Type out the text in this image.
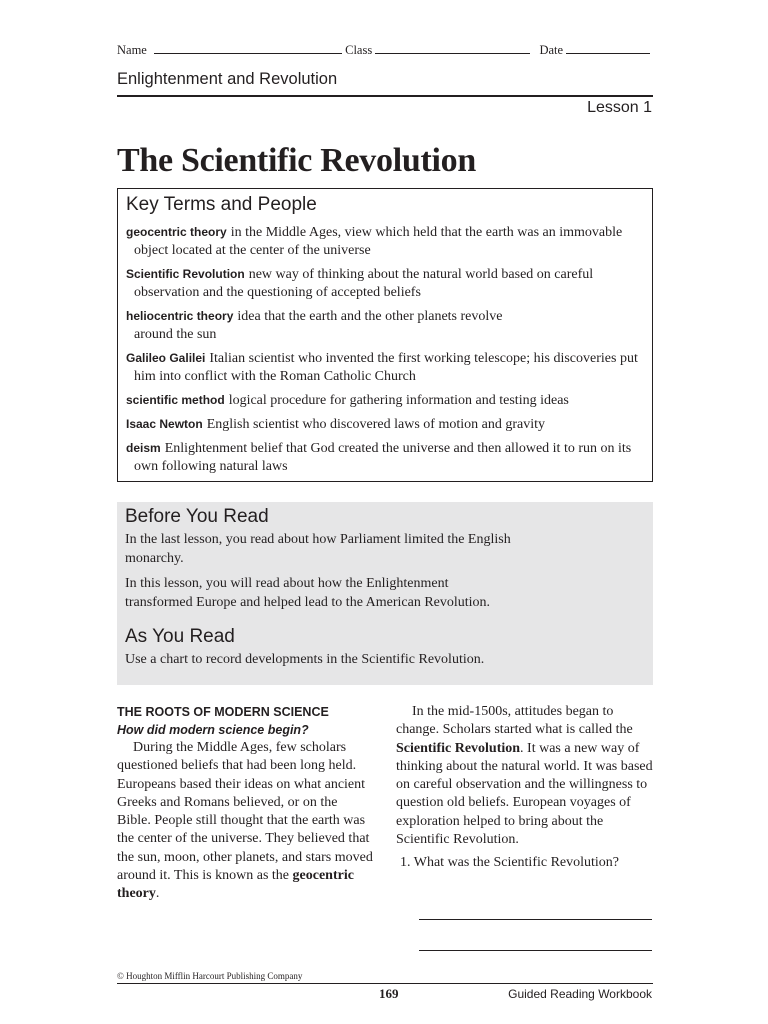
Name	Class	Date
Enlightenment and Revolution
Lesson 1
The Scientific Revolution
Key Terms and People
geocentric theory in the Middle Ages, view which held that the earth was an immovable object located at the center of the universe
Scientific Revolution new way of thinking about the natural world based on careful observation and the questioning of accepted beliefs
heliocentric theory idea that the earth and the other planets revolve around the sun
Galileo Galilei Italian scientist who invented the first working telescope; his discoveries put him into conflict with the Roman Catholic Church
scientific method logical procedure for gathering information and testing ideas
Isaac Newton English scientist who discovered laws of motion and gravity
deism Enlightenment belief that God created the universe and then allowed it to run on its own following natural laws
Before You Read

In the last lesson, you read about how Parliament limited the English monarchy.

In this lesson, you will read about how the Enlightenment transformed Europe and helped lead to the American Revolution.

As You Read

Use a chart to record developments in the Scientific Revolution.

THE ROOTS OF MODERN SCIENCE
How did modern science begin?

During the Middle Ages, few scholars questioned beliefs that had been long held. Europeans based their ideas on what ancient Greeks and Romans believed, or on the Bible. People still thought that the earth was the center of the universe. They believed that the sun, moon, other planets, and stars moved around it. This is known as the geocentric theory.

In the mid-1500s, attitudes began to change. Scholars started what is called the Scientific Revolution. It was a new way of thinking about the natural world. It was based on careful observation and the willingness to question old beliefs. European voyages of exploration helped to bring about the Scientific Revolution.

1. What was the Scientific Revolution?
© Houghton Mifflin Harcourt Publishing Company
169	Guided Reading Workbook
